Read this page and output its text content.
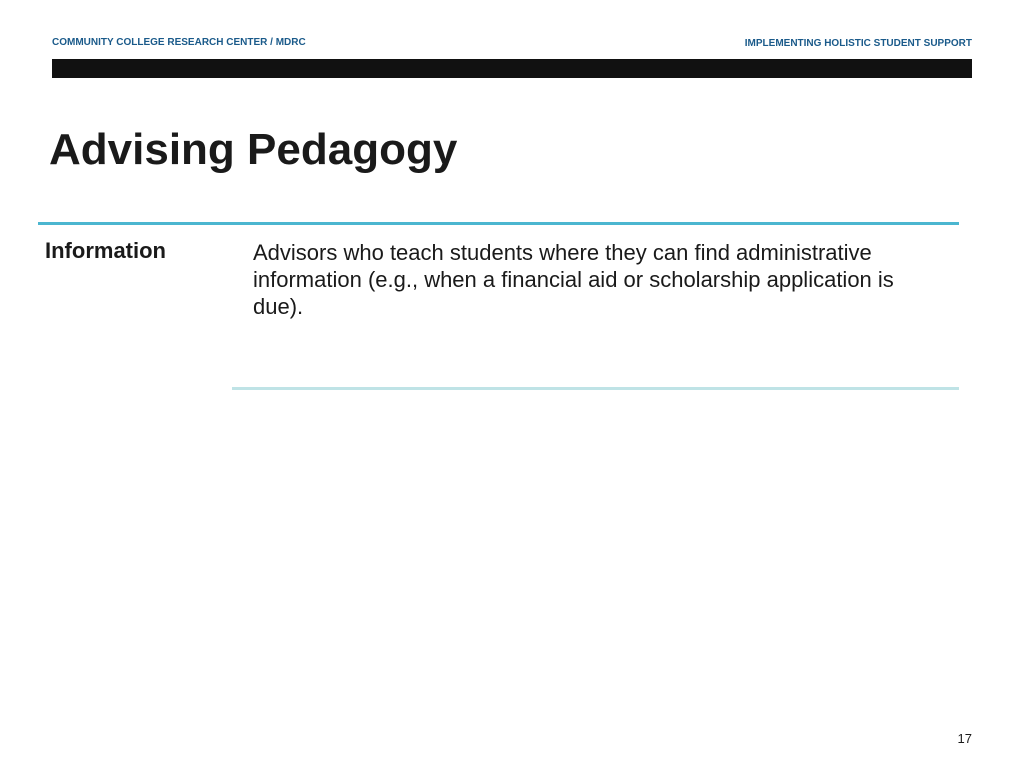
COMMUNITY COLLEGE RESEARCH CENTER / MDRC	IMPLEMENTING HOLISTIC STUDENT SUPPORT
Advising Pedagogy
Information	Advisors who teach students where they can find administrative information (e.g., when a financial aid or scholarship application is due).
17
